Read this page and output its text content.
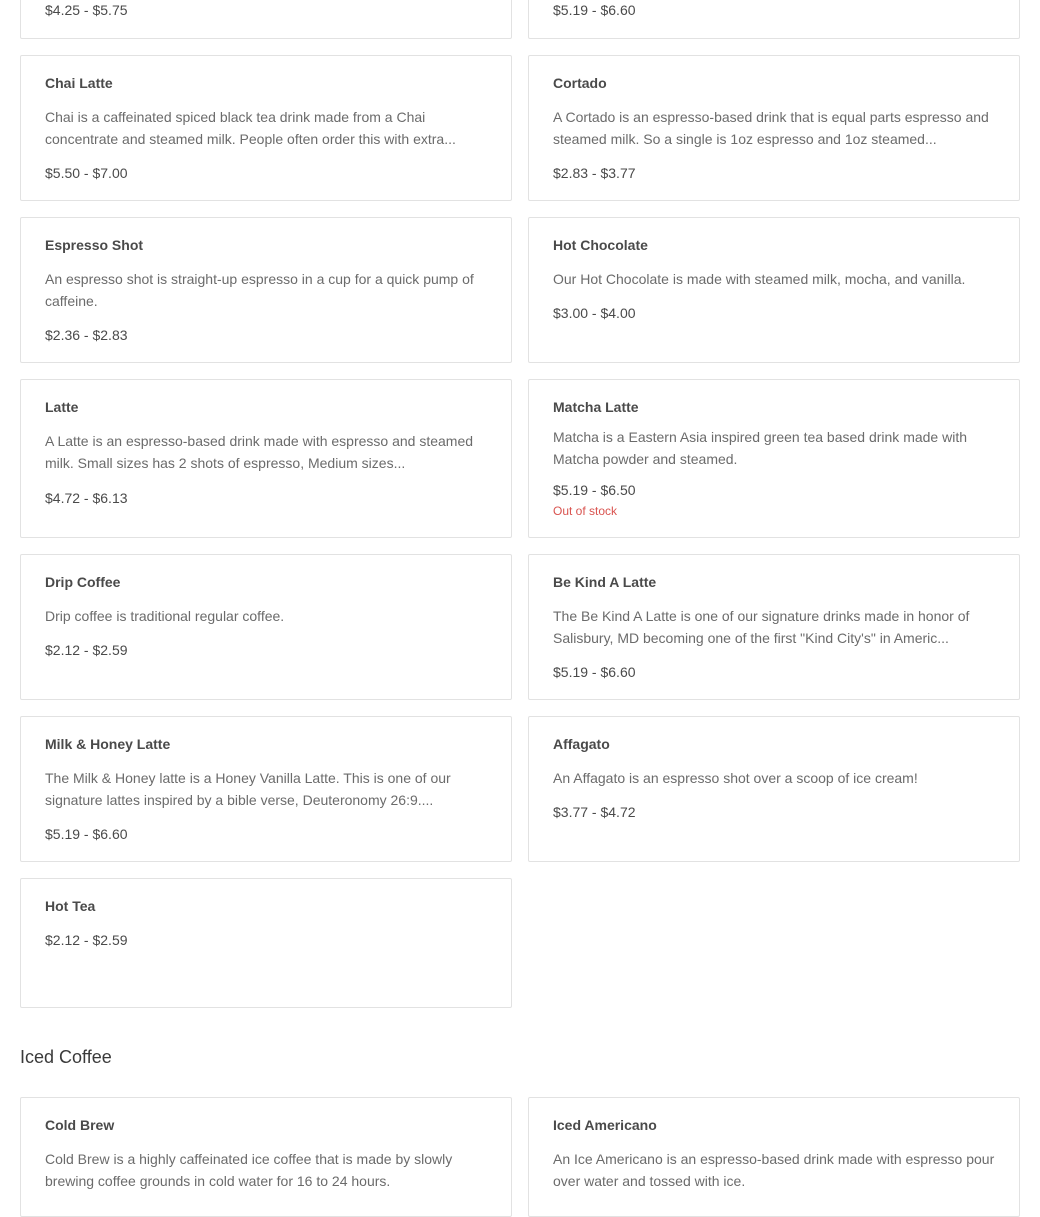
$4.25 - $5.75	$5.19 - $6.60
Chai Latte
Chai is a caffeinated spiced black tea drink made from a Chai concentrate and steamed milk. People often order this with extra...
$5.50 - $7.00
Cortado
A Cortado is an espresso-based drink that is equal parts espresso and steamed milk. So a single is 1oz espresso and 1oz steamed...
$2.83 - $3.77
Espresso Shot
An espresso shot is straight-up espresso in a cup for a quick pump of caffeine.
$2.36 - $2.83
Hot Chocolate
Our Hot Chocolate is made with steamed milk, mocha, and vanilla.
$3.00 - $4.00
Latte
A Latte is an espresso-based drink made with espresso and steamed milk. Small sizes has 2 shots of espresso, Medium sizes...
$4.72 - $6.13
Matcha Latte
Matcha is a Eastern Asia inspired green tea based drink made with Matcha powder and steamed.
$5.19 - $6.50
Out of stock
Drip Coffee
Drip coffee is traditional regular coffee.
$2.12 - $2.59
Be Kind A Latte
The Be Kind A Latte is one of our signature drinks made in honor of Salisbury, MD becoming one of the first "Kind City's" in Americ...
$5.19 - $6.60
Milk & Honey Latte
The Milk & Honey latte is a Honey Vanilla Latte. This is one of our signature lattes inspired by a bible verse, Deuteronomy 26:9....
$5.19 - $6.60
Affagato
An Affagato is an espresso shot over a scoop of ice cream!
$3.77 - $4.72
Hot Tea
$2.12 - $2.59
Iced Coffee
Cold Brew
Cold Brew is a highly caffeinated ice coffee that is made by slowly brewing coffee grounds in cold water for 16 to 24 hours.
Iced Americano
An Ice Americano is an espresso-based drink made with espresso pour over water and tossed with ice.
